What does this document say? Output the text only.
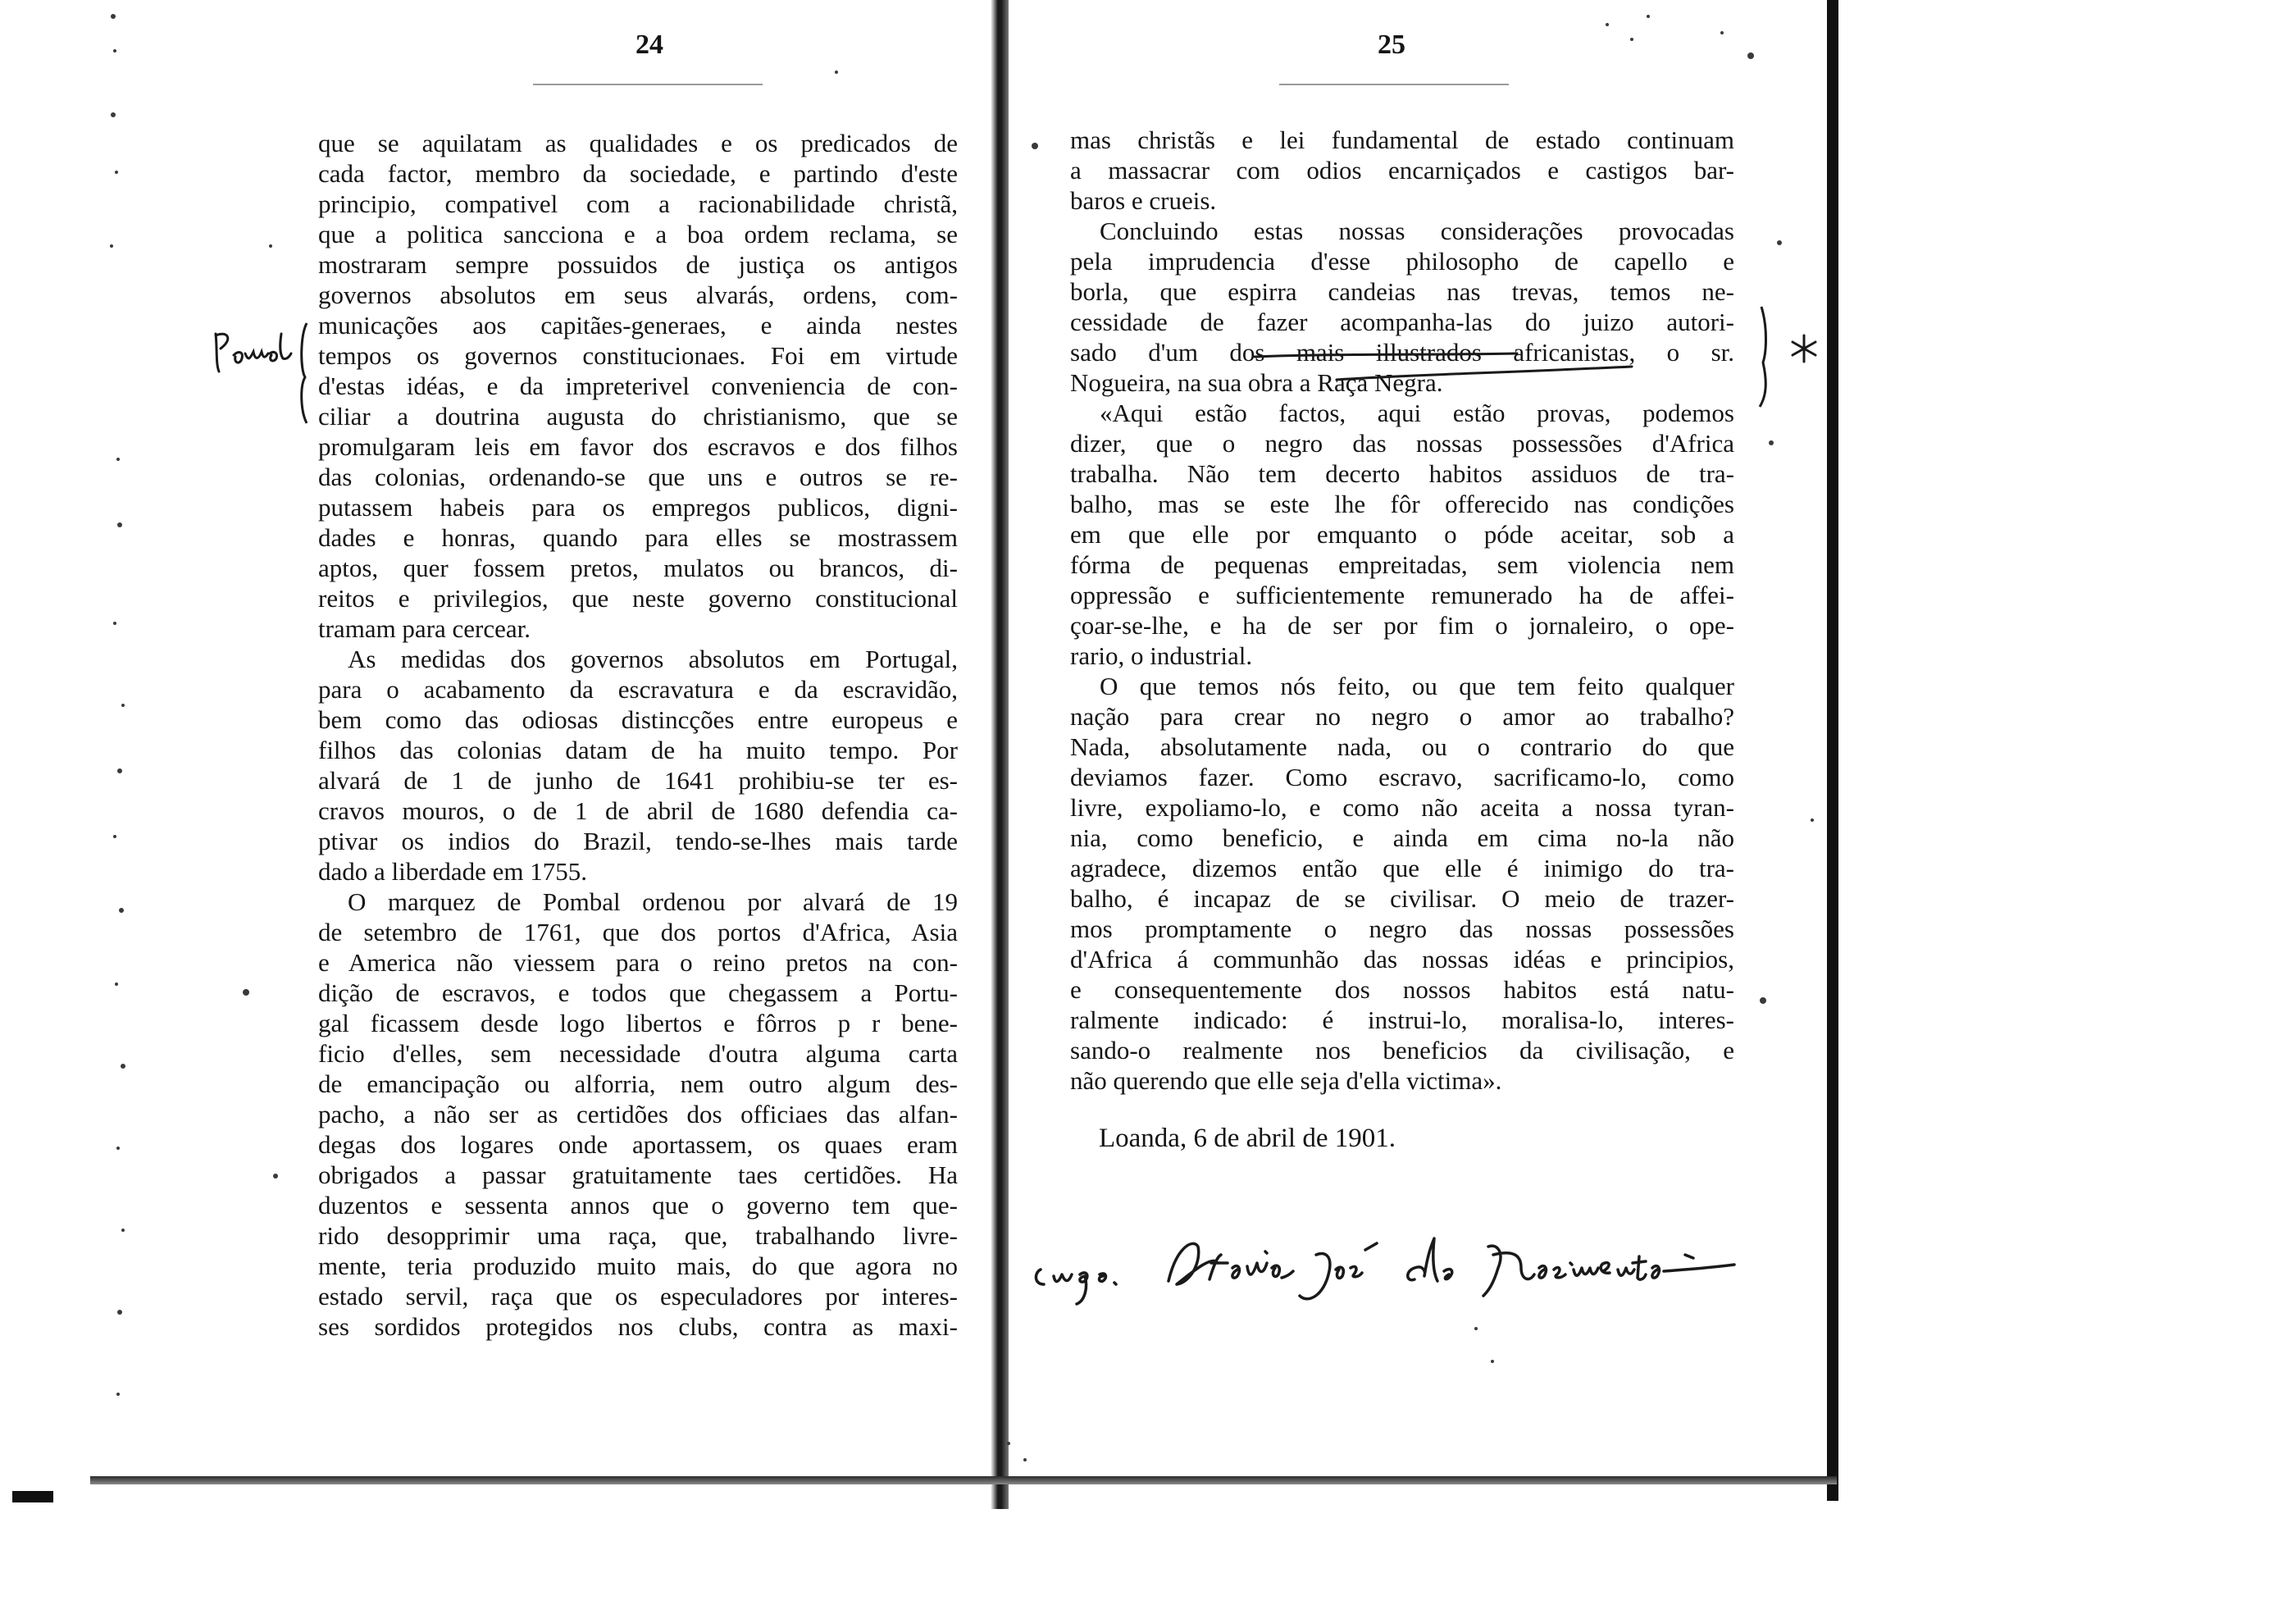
24

que se aquilatam as qualidades e os predicados de

cada factor, membro da sociedade, e partindo d'este

principio, compativel com a racionabilidade christã,

que a politica sancciona e a boa ordem reclama, se

mostraram sempre possuidos de justiça os antigos

governos absolutos em seus alvarás, ordens, com-

municações aos capitães-generaes, e ainda nestes

tempos os governos constitucionaes. Foi em virtude

d'estas idéas, e da impreterivel conveniencia de con-

ciliar a doutrina augusta do christianismo, que se

promulgaram leis em favor dos escravos e dos filhos

das colonias, ordenando-se que uns e outros se re-

putassem habeis para os empregos publicos, digni-

dades e honras, quando para elles se mostrassem

aptos, quer fossem pretos, mulatos ou brancos, di-

reitos e privilegios, que neste governo constitucional

tramam para cercear.

As medidas dos governos absolutos em Portugal,

para o acabamento da escravatura e da escravidão,

bem como das odiosas distincções entre europeus e

filhos das colonias datam de ha muito tempo. Por

alvará de 1 de junho de 1641 prohibiu-se ter es-

cravos mouros, o de 1 de abril de 1680 defendia ca-

ptivar os indios do Brazil, tendo-se-lhes mais tarde

dado a liberdade em 1755.

O marquez de Pombal ordenou por alvará de 19

de setembro de 1761, que dos portos d'Africa, Asia

e America não viessem para o reino pretos na con-

dição de escravos, e todos que chegassem a Portu-

gal ficassem desde logo libertos e fôrros p r bene-

ficio d'elles, sem necessidade d'outra alguma carta

de emancipação ou alforria, nem outro algum des-

pacho, a não ser as certidões dos officiaes das alfan-

degas dos logares onde aportassem, os quaes eram

obrigados a passar gratuitamente taes certidões. Ha

duzentos e sessenta annos que o governo tem que-

rido desopprimir uma raça, que, trabalhando livre-

mente, teria produzido muito mais, do que agora no

estado servil, raça que os especuladores por interes-

ses sordidos protegidos nos clubs, contra as maxi-

25

mas christãs e lei fundamental de estado continuam

a massacrar com odios encarniçados e castigos bar-

baros e crueis.

Concluindo estas nossas considerações provocadas

pela imprudencia d'esse philosopho de capello e

borla, que espirra candeias nas trevas, temos ne-

cessidade de fazer acompanha-las do juizo autori-

sado d'um dos mais illustrados africanistas, o sr.

Nogueira, na sua obra a Raça Negra.

«Aqui estão factos, aqui estão provas, podemos

dizer, que o negro das nossas possessões d'Africa

trabalha. Não tem decerto habitos assiduos de tra-

balho, mas se este lhe fôr offerecido nas condições

em que elle por emquanto o póde aceitar, sob a

fórma de pequenas empreitadas, sem violencia nem

oppressão e sufficientemente remunerado ha de affei-

çoar-se-lhe, e ha de ser por fim o jornaleiro, o ope-

rario, o industrial.

O que temos nós feito, ou que tem feito qualquer

nação para crear no negro o amor ao trabalho?

Nada, absolutamente nada, ou o contrario do que

deviamos fazer. Como escravo, sacrificamo-lo, como

livre, expoliamo-lo, e como não aceita a nossa tyran-

nia, como beneficio, e ainda em cima no-la não

agradece, dizemos então que elle é inimigo do tra-

balho, é incapaz de se civilisar. O meio de trazer-

mos promptamente o negro das nossas possessões

d'Africa á communhão das nossas idéas e principios,

e consequentemente dos nossos habitos está natu-

ralmente indicado: é instrui-lo, moralisa-lo, interes-

sando-o realmente nos beneficios da civilisação, e

não querendo que elle seja d'ella victima».

Loanda, 6 de abril de 1901.
